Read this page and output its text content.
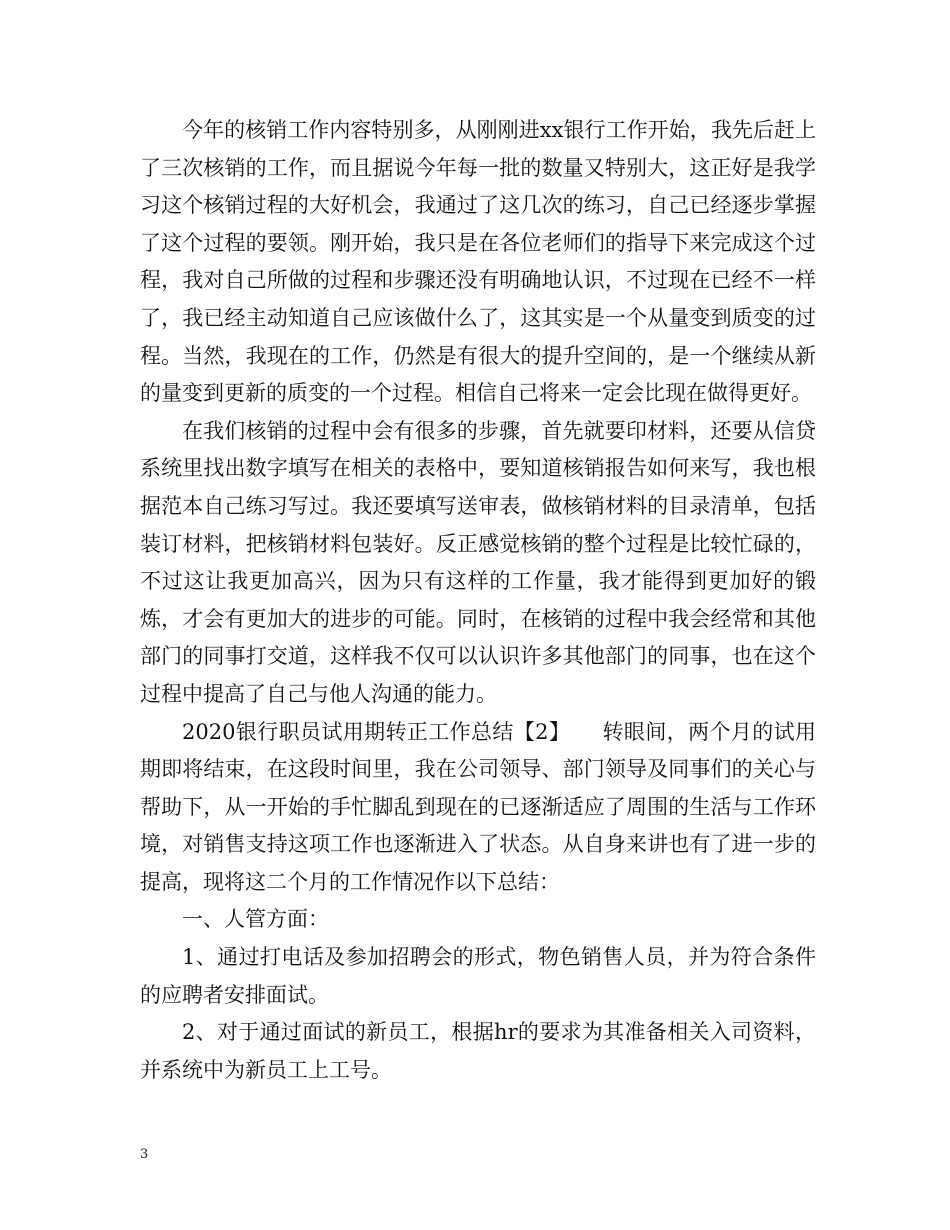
今年的核销工作内容特别多，从刚刚进xx银行工作开始，我先后赶上了三次核销的工作，而且据说今年每一批的数量又特别大，这正好是我学习这个核销过程的大好机会，我通过了这几次的练习，自己已经逐步掌握了这个过程的要领。刚开始，我只是在各位老师们的指导下来完成这个过程，我对自己所做的过程和步骤还没有明确地认识，不过现在已经不一样了，我已经主动知道自己应该做什么了，这其实是一个从量变到质变的过程。当然，我现在的工作，仍然是有很大的提升空间的，是一个继续从新的量变到更新的质变的一个过程。相信自己将来一定会比现在做得更好。

在我们核销的过程中会有很多的步骤，首先就要印材料，还要从信贷系统里找出数字填写在相关的表格中，要知道核销报告如何来写，我也根据范本自己练习写过。我还要填写送审表，做核销材料的目录清单，包括装订材料，把核销材料包装好。反正感觉核销的整个过程是比较忙碌的，不过这让我更加高兴，因为只有这样的工作量，我才能得到更加好的锻炼，才会有更加大的进步的可能。同时，在核销的过程中我会经常和其他部门的同事打交道，这样我不仅可以认识许多其他部门的同事，也在这个过程中提高了自己与他人沟通的能力。

2020银行职员试用期转正工作总结【2】　　转眼间，两个月的试用期即将结束，在这段时间里，我在公司领导、部门领导及同事们的关心与帮助下，从一开始的手忙脚乱到现在的已逐渐适应了周围的生活与工作环境，对销售支持这项工作也逐渐进入了状态。从自身来讲也有了进一步的提高，现将这二个月的工作情况作以下总结：

一、人管方面：

1、通过打电话及参加招聘会的形式，物色销售人员，并为符合条件的应聘者安排面试。

2、对于通过面试的新员工，根据hr的要求为其准备相关入司资料，并系统中为新员工上工号。

3
